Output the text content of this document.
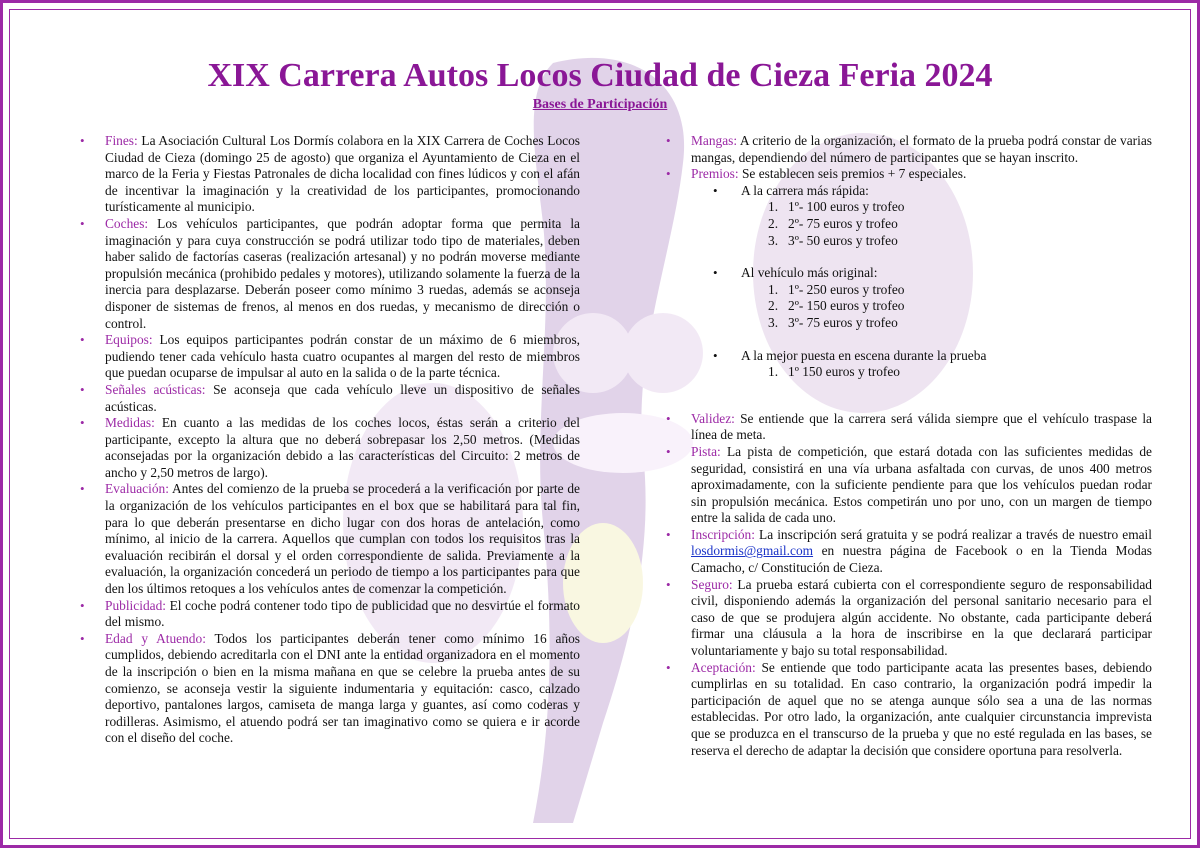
XIX Carrera Autos Locos Ciudad de Cieza Feria 2024
Bases de Participación

• Fines: La Asociación Cultural Los Dormís colabora en la XIX Carrera de Coches Locos Ciudad de Cieza (domingo 25 de agosto) que organiza el Ayuntamiento de Cieza en el marco de la Feria y Fiestas Patronales de dicha localidad con fines lúdicos y con el afán de incentivar la imaginación y la creatividad de los participantes, promocionando turísticamente al municipio.

• Coches: Los vehículos participantes, que podrán adoptar forma que permita la imaginación y para cuya construcción se podrá utilizar todo tipo de materiales, deben haber salido de factorías caseras (realización artesanal) y no podrán moverse mediante propulsión mecánica (prohibido pedales y motores), utilizando solamente la fuerza de la inercia para desplazarse. Deberán poseer como mínimo 3 ruedas, además se aconseja disponer de sistemas de frenos, al menos en dos ruedas, y mecanismo de dirección o control.

• Equipos: Los equipos participantes podrán constar de un máximo de 6 miembros, pudiendo tener cada vehículo hasta cuatro ocupantes al margen del resto de miembros que puedan ocuparse de impulsar al auto en la salida o de la parte técnica.

• Señales acústicas: Se aconseja que cada vehículo lleve un dispositivo de señales acústicas.

• Medidas: En cuanto a las medidas de los coches locos, éstas serán a criterio del participante, excepto la altura que no deberá sobrepasar los 2,50 metros. (Medidas aconsejadas por la organización debido a las características del Circuito: 2 metros de ancho y 2,50 metros de largo).

• Evaluación: Antes del comienzo de la prueba se procederá a la verificación por parte de la organización de los vehículos participantes en el box que se habilitará para tal fin, para lo que deberán presentarse en dicho lugar con dos horas de antelación, como mínimo, al inicio de la carrera. Aquellos que cumplan con todos los requisitos tras la evaluación recibirán el dorsal y el orden correspondiente de salida. Previamente a la evaluación, la organización concederá un periodo de tiempo a los participantes para que den los últimos retoques a los vehículos antes de comenzar la competición.

• Publicidad: El coche podrá contener todo tipo de publicidad que no desvirtúe el formato del mismo.

• Edad y Atuendo: Todos los participantes deberán tener como mínimo 16 años cumplidos, debiendo acreditarla con el DNI ante la entidad organizadora en el momento de la inscripción o bien en la misma mañana en que se celebre la prueba antes de su comienzo, se aconseja vestir la siguiente indumentaria y equitación: casco, calzado deportivo, pantalones largos, camiseta de manga larga y guantes, así como coderas y rodilleras. Asimismo, el atuendo podrá ser tan imaginativo como se quiera e ir acorde con el diseño del coche.

• Mangas: A criterio de la organización, el formato de la prueba podrá constar de varias mangas, dependiendo del número de participantes que se hayan inscrito.

• Premios: Se establecen seis premios + 7 especiales.

• A la carrera más rápida:
1. 1º- 100 euros y trofeo
2. 2º- 75 euros y trofeo
3. 3º- 50 euros y trofeo
• Al vehículo más original:
1. 1º- 250 euros y trofeo
2. 2º- 150 euros y trofeo
3. 3º- 75 euros y trofeo
• A la mejor puesta en escena durante la prueba
1. 1º 150 euros y trofeo

• Validez: Se entiende que la carrera será válida siempre que el vehículo traspase la línea de meta.

• Pista: La pista de competición, que estará dotada con las suficientes medidas de seguridad, consistirá en una vía urbana asfaltada con curvas, de unos 400 metros aproximadamente, con la suficiente pendiente para que los vehículos puedan rodar sin propulsión mecánica. Estos competirán uno por uno, con un margen de tiempo entre la salida de cada uno.

• Inscripción: La inscripción será gratuita y se podrá realizar a través de nuestro email losdormis@gmail.com en nuestra página de Facebook o en la Tienda Modas Camacho, c/ Constitución de Cieza.

• Seguro: La prueba estará cubierta con el correspondiente seguro de responsabilidad civil, disponiendo además la organización del personal sanitario necesario para el caso de que se produjera algún accidente. No obstante, cada participante deberá firmar una cláusula a la hora de inscribirse en la que declarará participar voluntariamente y bajo su total responsabilidad.

• Aceptación: Se entiende que todo participante acata las presentes bases, debiendo cumplirlas en su totalidad. En caso contrario, la organización podrá impedir la participación de aquel que no se atenga aunque sólo sea a una de las normas establecidas. Por otro lado, la organización, ante cualquier circunstancia imprevista que se produzca en el transcurso de la prueba y que no esté regulada en las bases, se reserva el derecho de adaptar la decisión que considere oportuna para resolverla.
